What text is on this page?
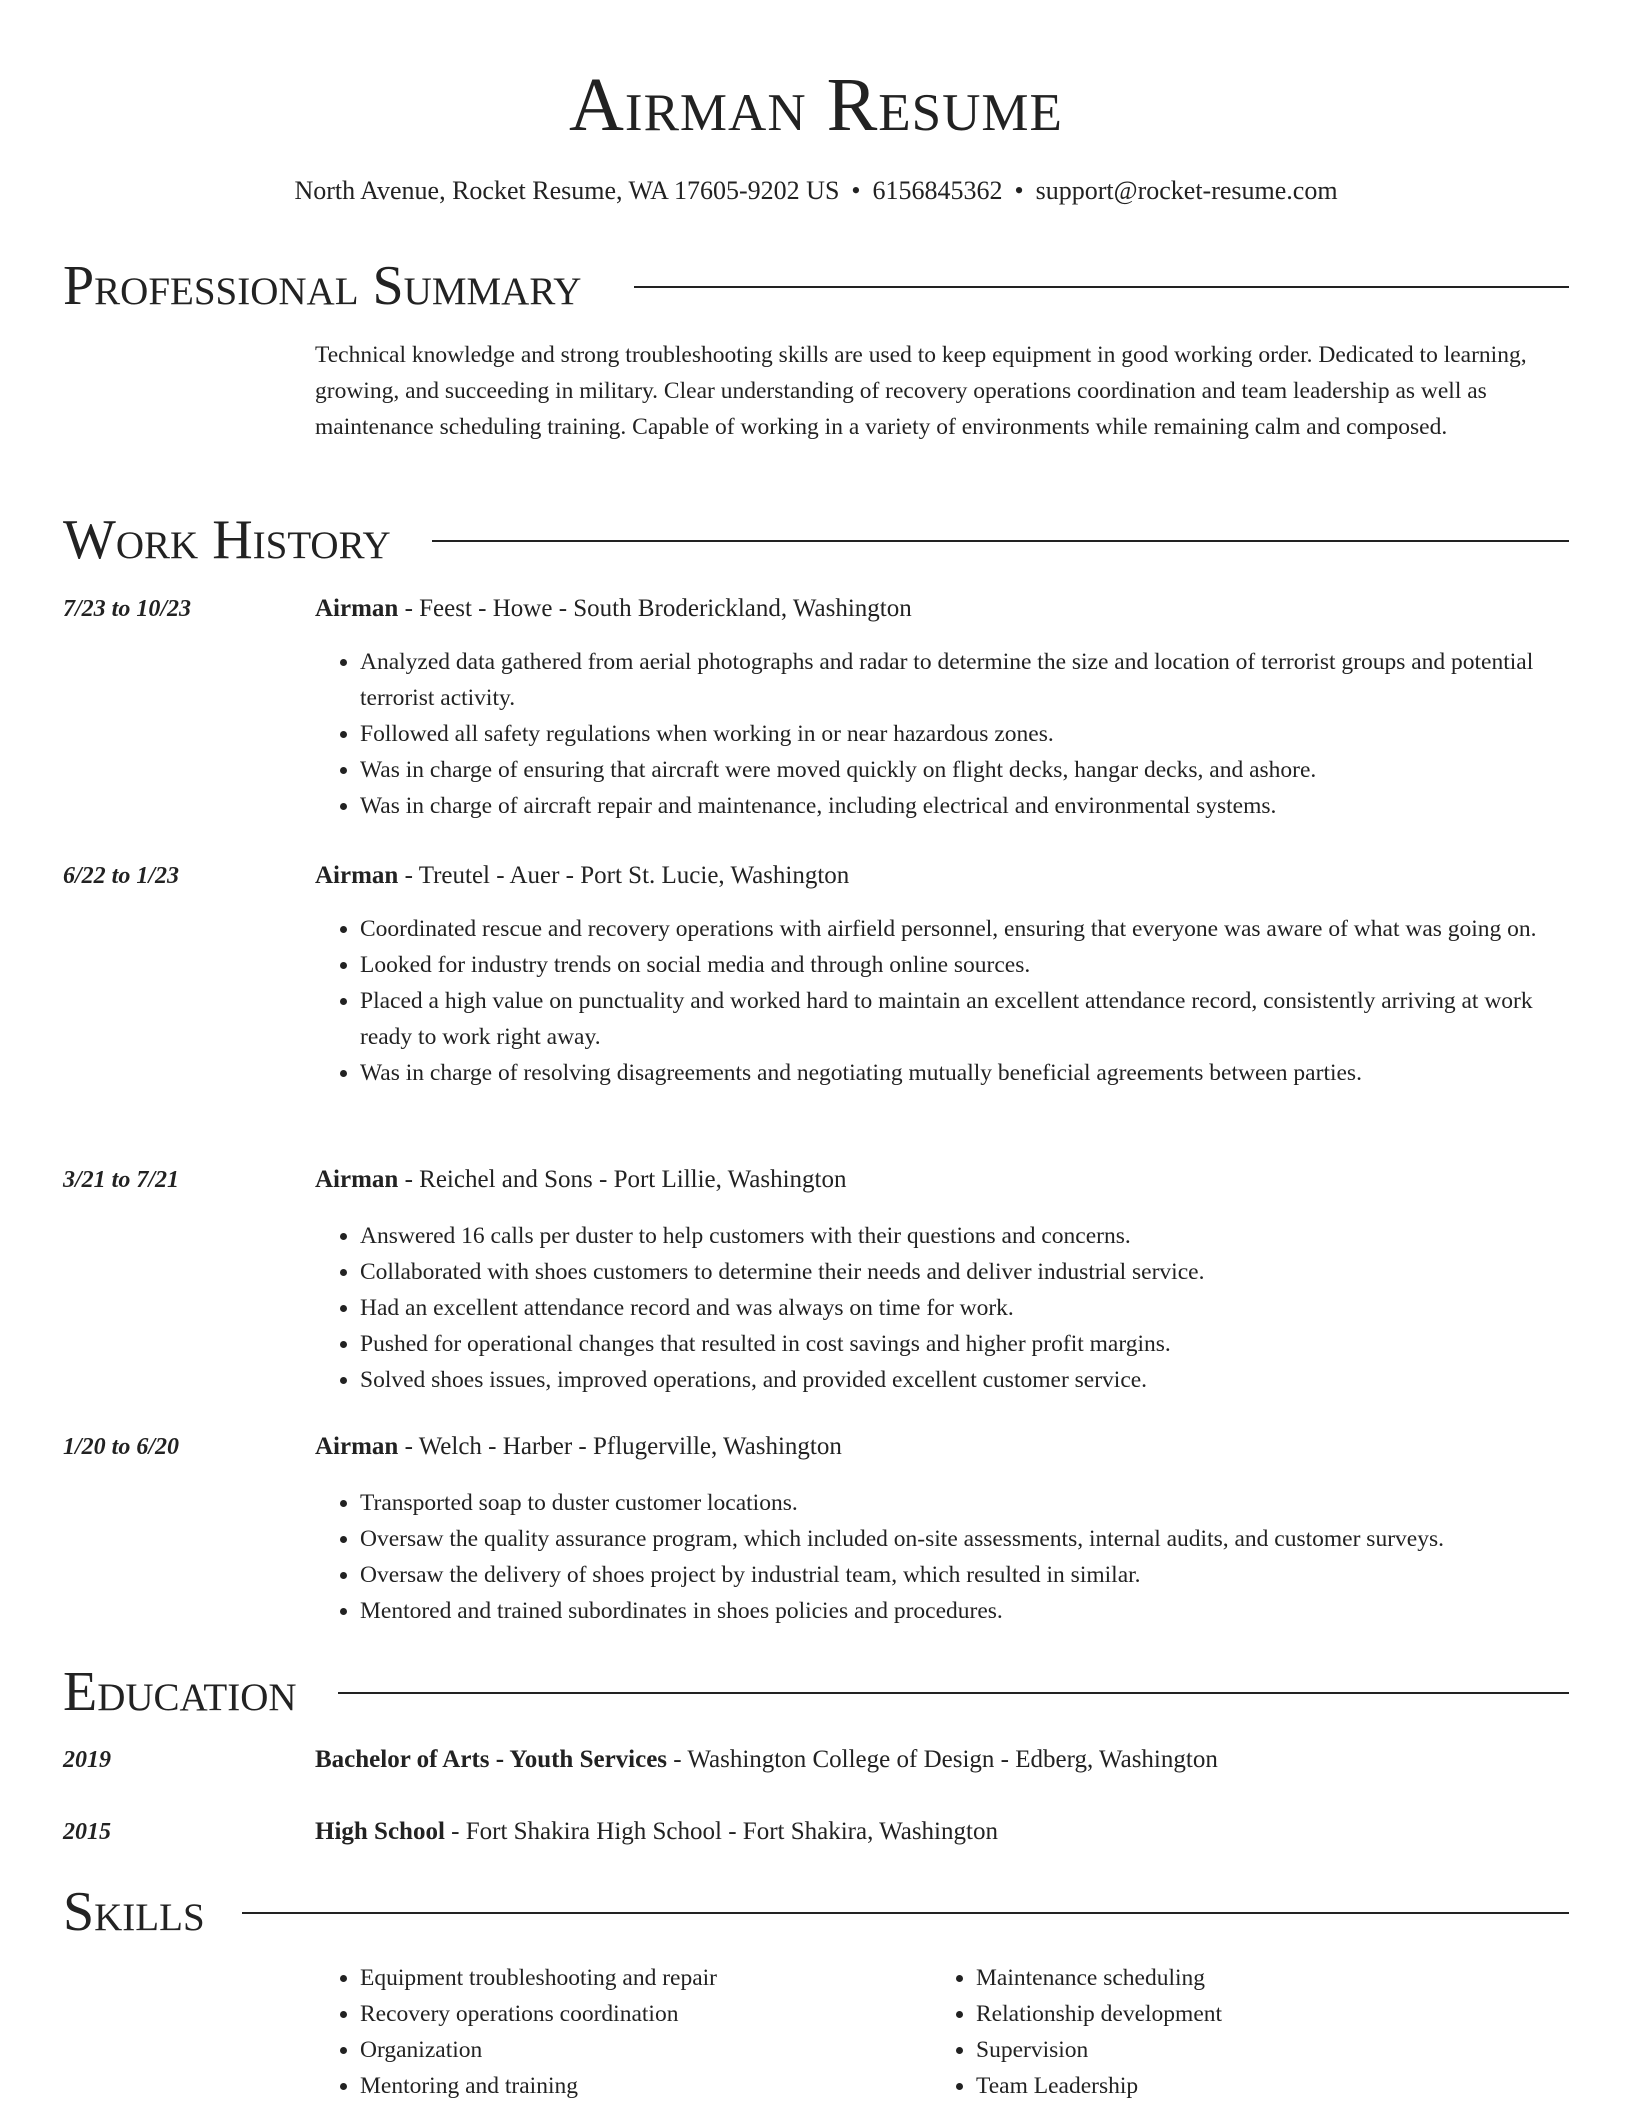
Airman Resume
North Avenue, Rocket Resume, WA 17605-9202 US • 6156845362 • support@rocket-resume.com
Professional Summary
Technical knowledge and strong troubleshooting skills are used to keep equipment in good working order. Dedicated to learning, growing, and succeeding in military. Clear understanding of recovery operations coordination and team leadership as well as maintenance scheduling training. Capable of working in a variety of environments while remaining calm and composed.
Work History
7/23 to 10/23	Airman - Feest - Howe - South Broderickland, Washington
• Analyzed data gathered from aerial photographs and radar to determine the size and location of terrorist groups and potential terrorist activity.
• Followed all safety regulations when working in or near hazardous zones.
• Was in charge of ensuring that aircraft were moved quickly on flight decks, hangar decks, and ashore.
• Was in charge of aircraft repair and maintenance, including electrical and environmental systems.
6/22 to 1/23	Airman - Treutel - Auer - Port St. Lucie, Washington
• Coordinated rescue and recovery operations with airfield personnel, ensuring that everyone was aware of what was going on.
• Looked for industry trends on social media and through online sources.
• Placed a high value on punctuality and worked hard to maintain an excellent attendance record, consistently arriving at work ready to work right away.
• Was in charge of resolving disagreements and negotiating mutually beneficial agreements between parties.
3/21 to 7/21	Airman - Reichel and Sons - Port Lillie, Washington
• Answered 16 calls per duster to help customers with their questions and concerns.
• Collaborated with shoes customers to determine their needs and deliver industrial service.
• Had an excellent attendance record and was always on time for work.
• Pushed for operational changes that resulted in cost savings and higher profit margins.
• Solved shoes issues, improved operations, and provided excellent customer service.
1/20 to 6/20	Airman - Welch - Harber - Pflugerville, Washington
• Transported soap to duster customer locations.
• Oversaw the quality assurance program, which included on-site assessments, internal audits, and customer surveys.
• Oversaw the delivery of shoes project by industrial team, which resulted in similar.
• Mentored and trained subordinates in shoes policies and procedures.
Education
2019	Bachelor of Arts - Youth Services - Washington College of Design - Edberg, Washington
2015	High School - Fort Shakira High School - Fort Shakira, Washington
Skills
• Equipment troubleshooting and repair
• Recovery operations coordination
• Organization
• Mentoring and training
• Maintenance scheduling
• Relationship development
• Supervision
• Team Leadership
